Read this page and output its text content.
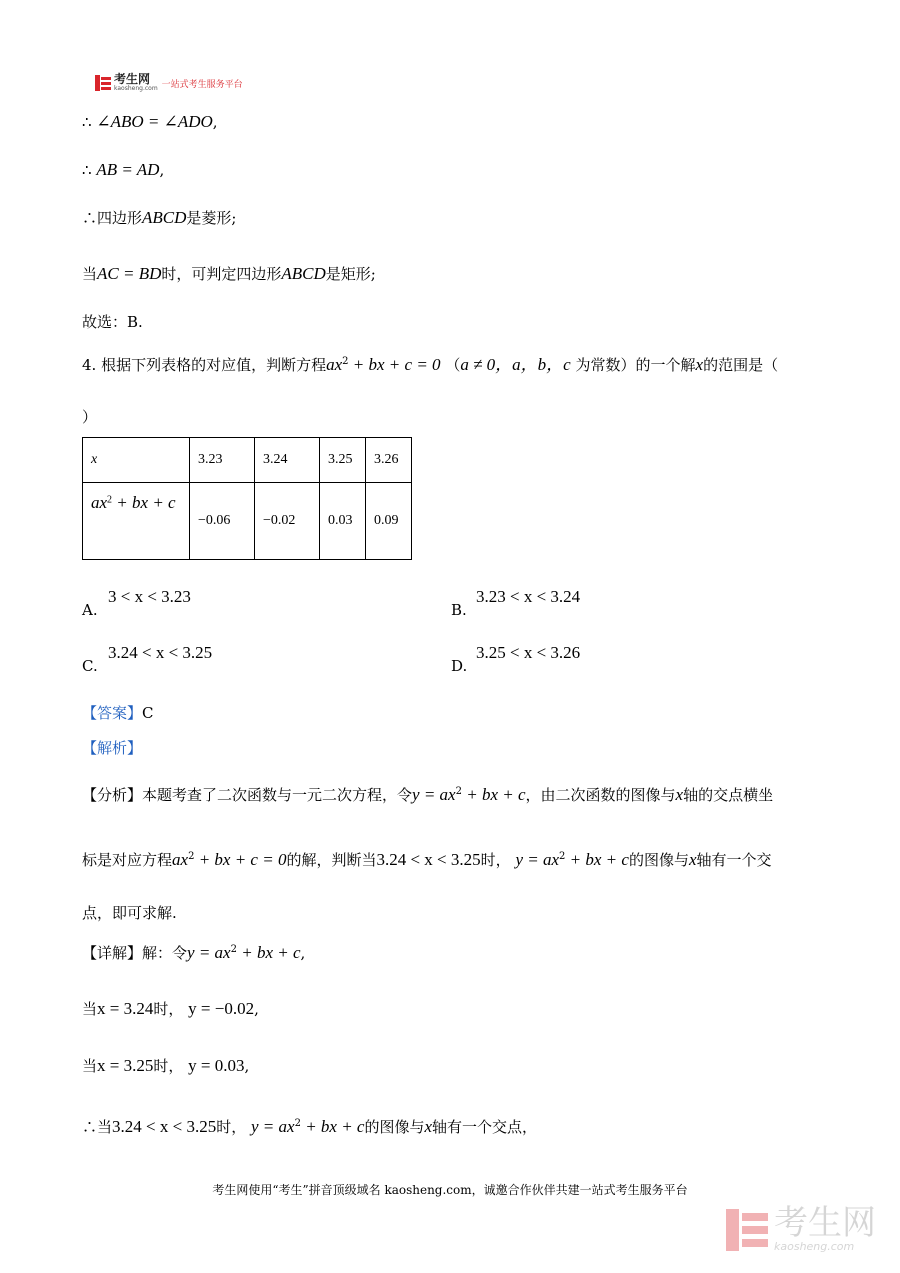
考生网
kaosheng.com 一站式考生服务平台
∴ ∠ABO = ∠ADO,
∴ AB = AD,
∴四边形ABCD是菱形;
当AC = BD时，可判定四边形ABCD是矩形;
故选：B.
4. 根据下列表格的对应值，判断方程$ax^2$ + bx + c = 0 （a ≠ 0，a，b，c 为常数）的一个解x的范围是（
）
x	3.23	3.24	3.25	3.26
$ax^2$ + bx + c	−0.06	−0.02	0.03	0.09
A.
3 < x < 3.23
B.
3.23 < x < 3.24
C.
3.24 < x < 3.25
D.
3.25 < x < 3.26
【答案】C
【解析】
【分析】本题考查了二次函数与一元二次方程，令$y = ax^2$ + bx + c，由二次函数的图像与x轴的交点横坐
标是对应方程$ax^2$ + bx + c = 0的解，判断当3.24 < x < 3.25时， $y = ax^2$ + bx + c的图像与x轴有一个交
点，即可求解.
【详解】解：令$y = ax^2$ + bx + c,
当x = 3.24时， y = −0.02,
当x = 3.25时， y = 0.03,
∴当3.24 < x < 3.25时， $y = ax^2$ + bx + c的图像与x轴有一个交点，
考生网使用“考生”拼音顶级域名 kaosheng.com，诚邀合作伙伴共建一站式考生服务平台
考生网
kaosheng.com
